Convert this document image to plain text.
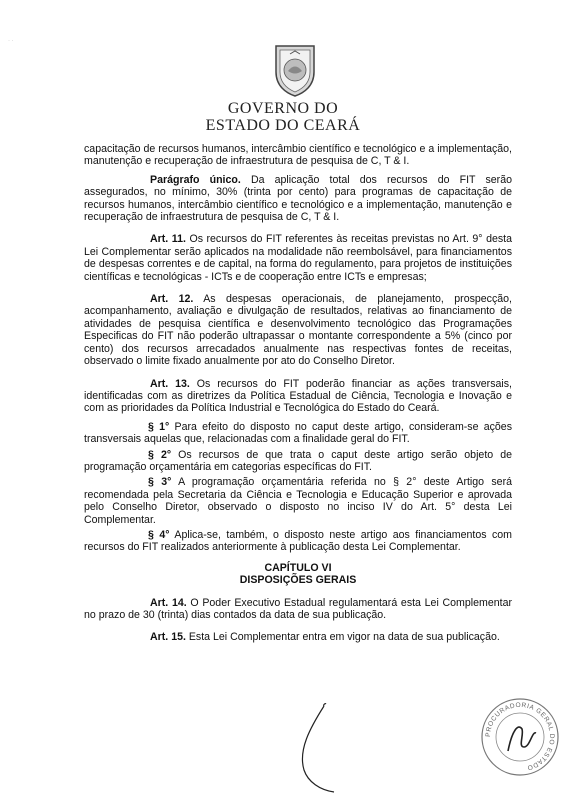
· ·
GOVERNO DO
ESTADO DO CEARÁ

capacitação de recursos humanos, intercâmbio científico e tecnológico e a implementação, manutenção e recuperação de infraestrutura de pesquisa de C, T & I.

Parágrafo único. Da aplicação total dos recursos do FIT serão assegurados, no mínimo, 30% (trinta por cento) para programas de capacitação de recursos humanos, intercâmbio científico e tecnológico e a implementação, manutenção e recuperação de infraestrutura de pesquisa de C, T & I.

Art. 11. Os recursos do FIT referentes às receitas previstas no Art. 9° desta Lei Complementar serão aplicados na modalidade não reembolsável, para financiamentos de despesas correntes e de capital, na forma do regulamento, para projetos de instituições científicas e tecnológicas - ICTs e de cooperação entre ICTs e empresas;

Art. 12. As despesas operacionais, de planejamento, prospecção, acompanhamento, avaliação e divulgação de resultados, relativas ao financiamento de atividades de pesquisa científica e desenvolvimento tecnológico das Programações Especificas do FIT não poderão ultrapassar o montante correspondente a 5% (cinco por cento) dos recursos arrecadados anualmente nas respectivas fontes de receitas, observado o limite fixado anualmente por ato do Conselho Diretor.

Art. 13. Os recursos do FIT poderão financiar as ações transversais, identificadas com as diretrizes da Política Estadual de Ciência, Tecnologia e Inovação e com as prioridades da Política Industrial e Tecnológica do Estado do Ceará.

§ 1° Para efeito do disposto no caput deste artigo, consideram-se ações transversais aquelas que, relacionadas com a finalidade geral do FIT.

§ 2° Os recursos de que trata o caput deste artigo serão objeto de programação orçamentária em categorias específicas do FIT.

§ 3° A programação orçamentária referida no § 2° deste Artigo será recomendada pela Secretaria da Ciência e Tecnologia e Educação Superior e aprovada pelo Conselho Diretor, observado o disposto no inciso IV do Art. 5° desta Lei Complementar.

§ 4° Aplica-se, também, o disposto neste artigo aos financiamentos com recursos do FIT realizados anteriormente à publicação desta Lei Complementar.

CAPÍTULO VI
DISPOSIÇÕES GERAIS

Art. 14. O Poder Executivo Estadual regulamentará esta Lei Complementar no prazo de 30 (trinta) dias contados da data de sua publicação.

Art. 15. Esta Lei Complementar entra em vigor na data de sua publicação.

PROCURADORIA GERAL DO ESTADO
